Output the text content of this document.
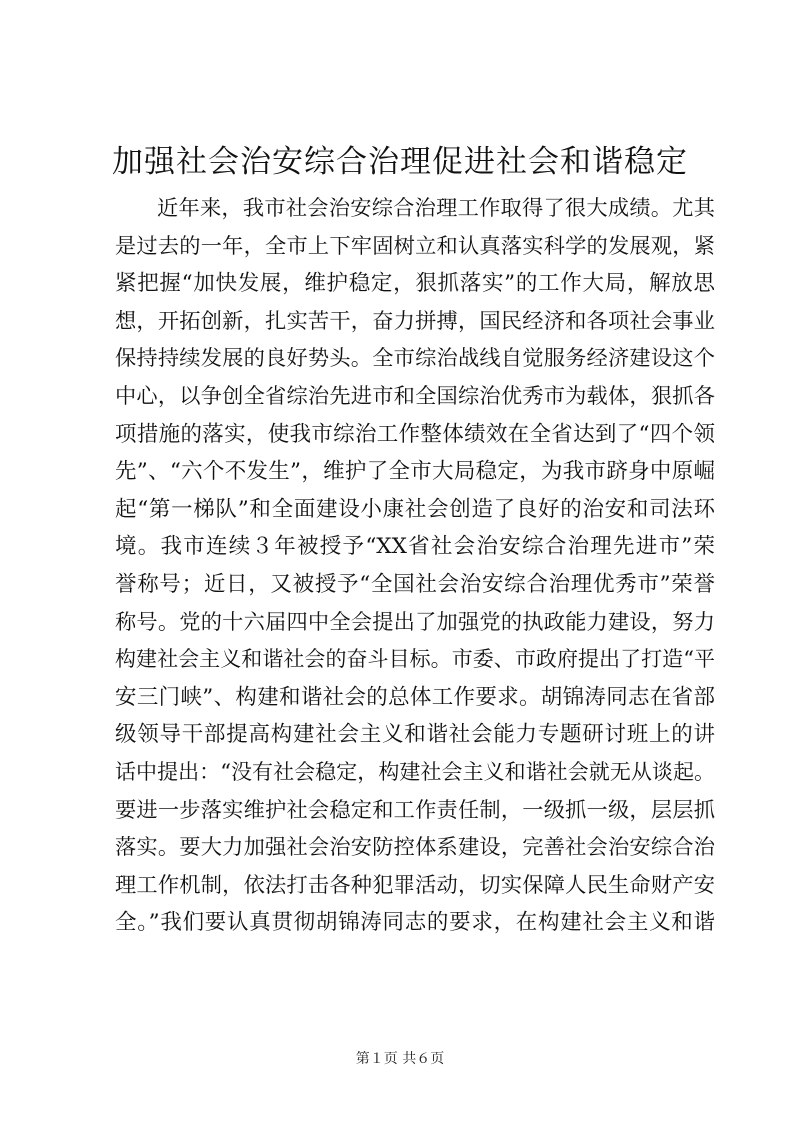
加强社会治安综合治理促进社会和谐稳定
近年来，我市社会治安综合治理工作取得了很大成绩。尤其
是过去的一年，全市上下牢固树立和认真落实科学的发展观，紧
紧把握“加快发展，维护稳定，狠抓落实”的工作大局，解放思
想，开拓创新，扎实苦干，奋力拼搏，国民经济和各项社会事业
保持持续发展的良好势头。全市综治战线自觉服务经济建设这个
中心，以争创全省综治先进市和全国综治优秀市为载体，狠抓各
项措施的落实，使我市综治工作整体绩效在全省达到了“四个领
先”、“六个不发生”，维护了全市大局稳定，为我市跻身中原崛
起“第一梯队”和全面建设小康社会创造了良好的治安和司法环
境。我市连续３年被授予“XX省社会治安综合治理先进市”荣
誉称号；近日，又被授予“全国社会治安综合治理优秀市”荣誉
称号。党的十六届四中全会提出了加强党的执政能力建设，努力
构建社会主义和谐社会的奋斗目标。市委、市政府提出了打造“平
安三门峡”、构建和谐社会的总体工作要求。胡锦涛同志在省部
级领导干部提高构建社会主义和谐社会能力专题研讨班上的讲
话中提出：“没有社会稳定，构建社会主义和谐社会就无从谈起。
要进一步落实维护社会稳定和工作责任制，一级抓一级，层层抓
落实。要大力加强社会治安防控体系建设，完善社会治安综合治
理工作机制，依法打击各种犯罪活动，切实保障人民生命财产安
全。”我们要认真贯彻胡锦涛同志的要求，在构建社会主义和谐
第１页 共６页
